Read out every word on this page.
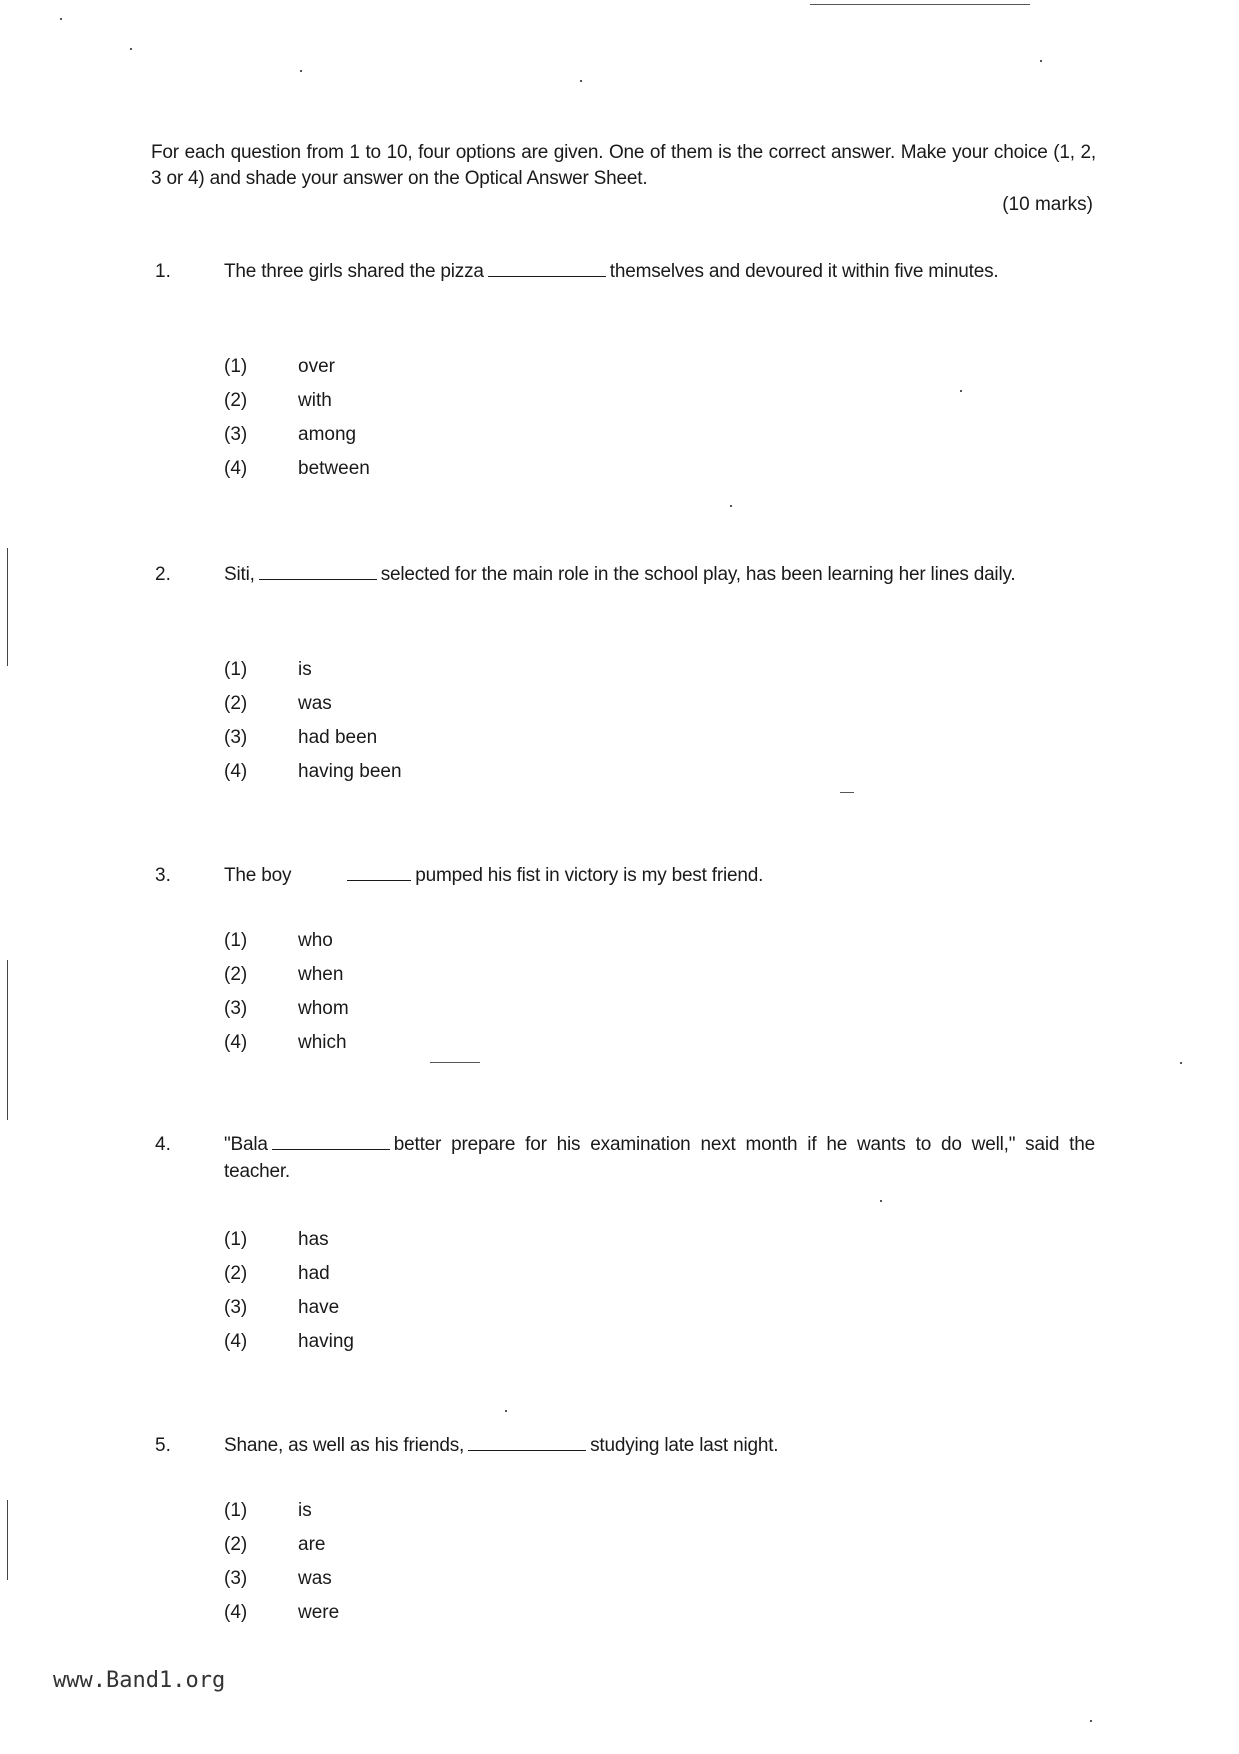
For each question from 1 to 10, four options are given. One of them is the correct answer. Make your choice (1, 2, 3 or 4) and shade your answer on the Optical Answer Sheet.
(10 marks)
1.	The three girls shared the pizza	themselves and devoured it within five minutes.
(1)	over
(2)	with
(3)	among
(4)	between
2.	Siti,	selected for the main role in the school play, has been learning her lines daily.
(1)	is
(2)	was
(3)	had been
(4)	having been
3.	The boy	pumped his fist in victory is my best friend.
(1)	who
(2)	when
(3)	whom
(4)	which
4.	"Bala	better prepare for his examination next month if he wants to do well," said the teacher.
(1)	has
(2)	had
(3)	have
(4)	having
5.	Shane, as well as his friends,	studying late last night.
(1)	is
(2)	are
(3)	was
(4)	were
www.Band1.org
